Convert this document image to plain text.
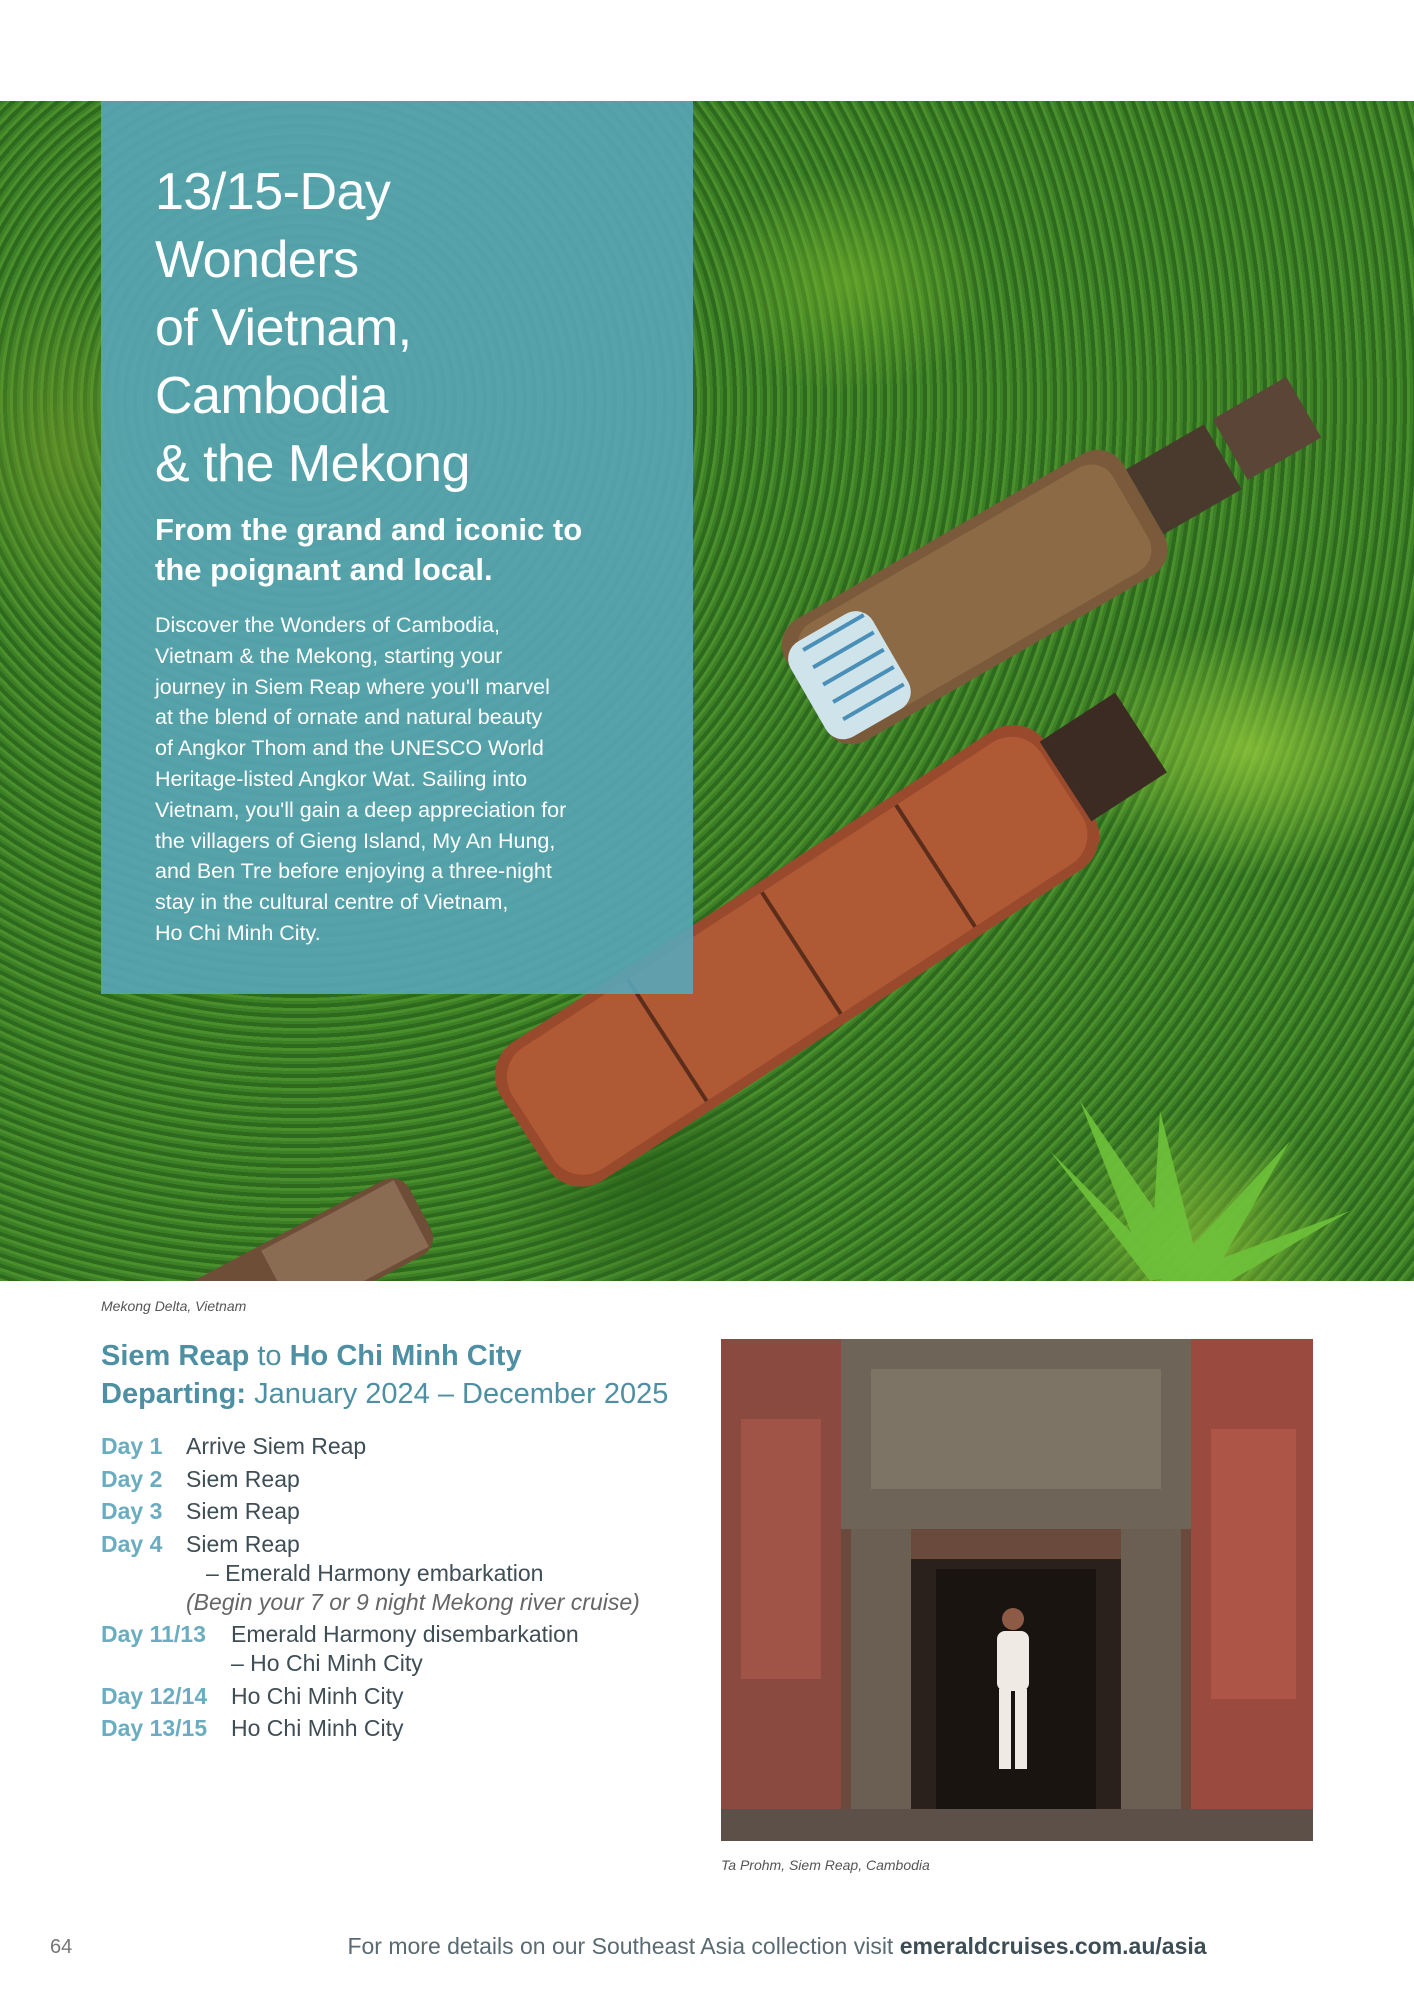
13/15-Day
Wonders
of Vietnam,
Cambodia
& the Mekong
From the grand and iconic to
the poignant and local.
Discover the Wonders of Cambodia,
Vietnam & the Mekong, starting your
journey in Siem Reap where you'll marvel
at the blend of ornate and natural beauty
of Angkor Thom and the UNESCO World
Heritage-listed Angkor Wat. Sailing into
Vietnam, you'll gain a deep appreciation for
the villagers of Gieng Island, My An Hung,
and Ben Tre before enjoying a three-night
stay in the cultural centre of Vietnam,
Ho Chi Minh City.
Mekong Delta, Vietnam
Siem Reap to Ho Chi Minh City
Departing: January 2024 – December 2025
Day 1	Arrive Siem Reap
Day 2	Siem Reap
Day 3	Siem Reap
Day 4	Siem Reap
– Emerald Harmony embarkation
(Begin your 7 or 9 night Mekong river cruise)
Day 11/13	Emerald Harmony disembarkation
– Ho Chi Minh City
Day 12/14	Ho Chi Minh City
Day 13/15	Ho Chi Minh City
Ta Prohm, Siem Reap, Cambodia
64	For more details on our Southeast Asia collection visit emeraldcruises.com.au/asia
